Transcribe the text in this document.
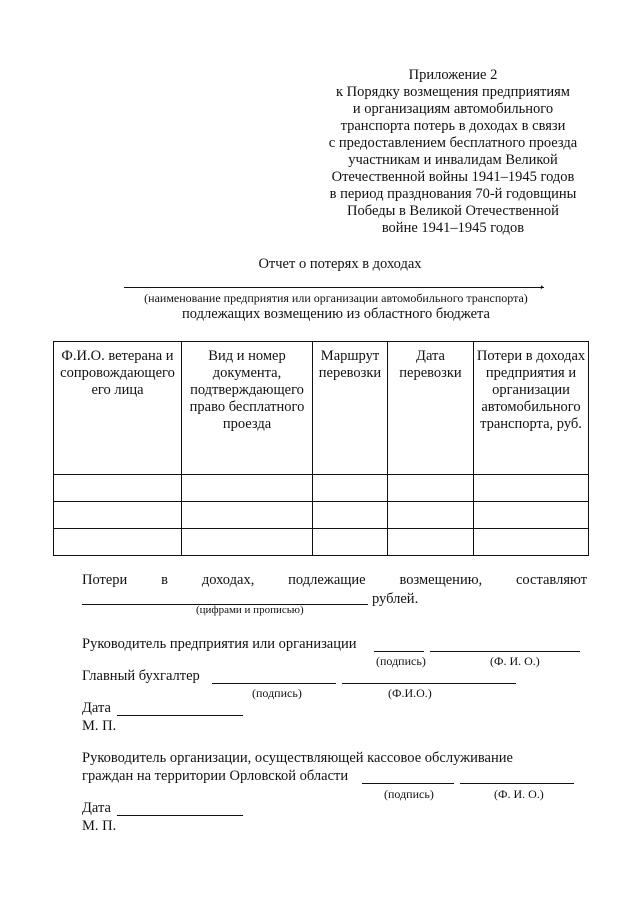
Приложение 2
к Порядку возмещения предприятиям
и организациям автомобильного
транспорта потерь в доходах в связи
с предоставлением бесплатного проезда
участникам и инвалидам Великой
Отечественной войны 1941–1945 годов
в период празднования 70-й годовщины
Победы в Великой Отечественной
войне 1941–1945 годов
Отчет о потерях в доходах
,
(наименование предприятия или организации автомобильного транспорта)
подлежащих возмещению из областного бюджета
Ф.И.О. ветерана и сопровождающего его лица	Вид и номер документа, подтверждающего право бесплатного проезда	Маршрут перевозки	Дата перевозки	Потери в доходах предприятия и организации автомобильного транспорта, руб.

Потери в доходах, подлежащие возмещению, составляют
рублей.
(цифрами и прописью)
Руководитель предприятия или организации
(подпись)	(Ф. И. О.)
Главный бухгалтер
(подпись)	(Ф.И.О.)
Дата
М. П.
Руководитель организации, осуществляющей кассовое обслуживание
граждан на территории Орловской области
(подпись)	(Ф. И. О.)
Дата
М. П.
